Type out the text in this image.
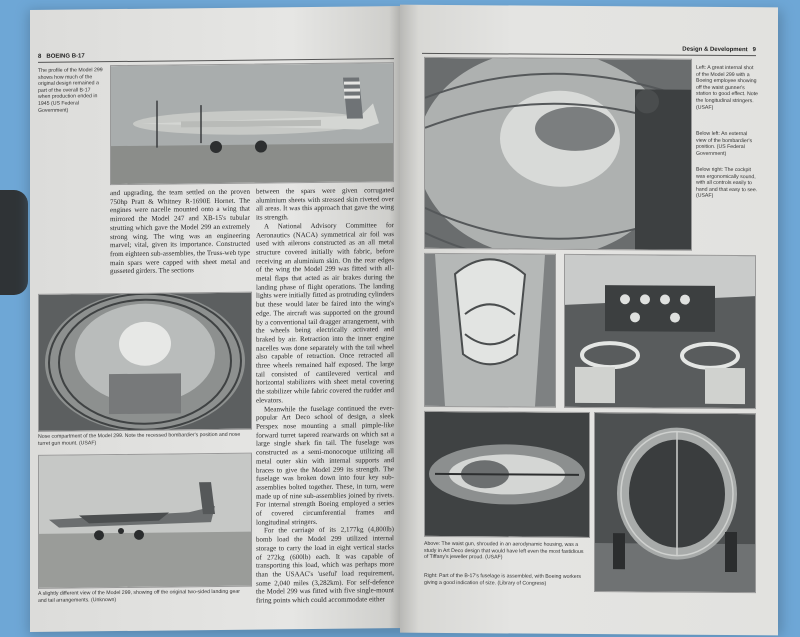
8 BOEING B-17
The profile of the Model 299 shows how much of the original design remained a part of the overall B-17 when production ended in 1945 (US Federal Government)

and upgrading, the team settled on the proven 750hp Pratt & Whitney R-1690E Hornet. The engines were nacelle mounted onto a wing that mirrored the Model 247 and XB-15's tubular strutting which gave the Model 299 an extremely strong wing. The wing was an engineering marvel; vital, given its importance. Constructed from eighteen sub-assemblies, the Truss-web type main spars were capped with sheet metal and gusseted girders. The sections

Nose compartment of the Model 299. Note the recessed bombardier's position and nose turret gun mount. (USAF)
A slightly different view of the Model 299, showing off the original two-sided landing gear and tail arrangements. (Unknown)

between the spars were given corrugated aluminium sheets with stressed skin riveted over all areas. It was this approach that gave the wing its strength.

A National Advisory Committee for Aeronautics (NACA) symmetrical air foil was used with ailerons constructed as an all metal structure covered initially with fabric, before receiving an aluminium skin. On the rear edges of the wing the Model 299 was fitted with all-metal flaps that acted as air brakes during the landing phase of flight operations. The landing lights were initially fitted as protruding cylinders but these would later be faired into the wing's edge. The aircraft was supported on the ground by a conventional tail dragger arrangement, with the wheels being electrically activated and braked by air. Retraction into the inner engine nacelles was done separately with the tail wheel also capable of retraction. Once retracted all three wheels remained half exposed. The large tail consisted of cantilevered vertical and horizontal stabilizers with sheet metal covering the stabilizer while fabric covered the rudder and elevators.

Meanwhile the fuselage continued the ever-popular Art Deco school of design, a sleek Perspex nose mounting a small pimple-like forward turret tapered rearwards on which sat a large single shark fin tail. The fuselage was constructed as a semi-monocoque utilizing all metal outer skin with internal supports and braces to give the Model 299 its strength. The fuselage was broken down into four key sub-assemblies bolted together. These, in turn, were made up of nine sub-assemblies joined by rivets. For internal strength Boeing employed a series of covered circumferential frames and longitudinal stringers.

For the carriage of its 2,177kg (4,800lb) bomb load the Model 299 utilized internal storage to carry the load in eight vertical stacks of 272kg (600lb) each. It was capable of transporting this load, which was perhaps more than the USAAC's 'useful' load requirement, some 2,040 miles (3,282km). For self-defence the Model 299 was fitted with five single-mount firing points which could accommodate either

Design & Development 9
Left: A great internal shot of the Model 299 with a Boeing employee showing off the waist gunner's station to good effect. Note the longitudinal stringers. (USAF)
Below left: An external view of the bombardier's position. (US Federal Government)
Below right: The cockpit was ergonomically sound, with all controls easily to hand and that easy to see. (USAF)
Above: The waist gun, shrouded in an aerodynamic housing, was a study in Art Deco design that would have left even the most fastidious of Tiffany's jeweller proud. (USAF)
Right: Part of the B-17's fuselage is assembled, with Boeing workers giving a good indication of size. (Library of Congress)
